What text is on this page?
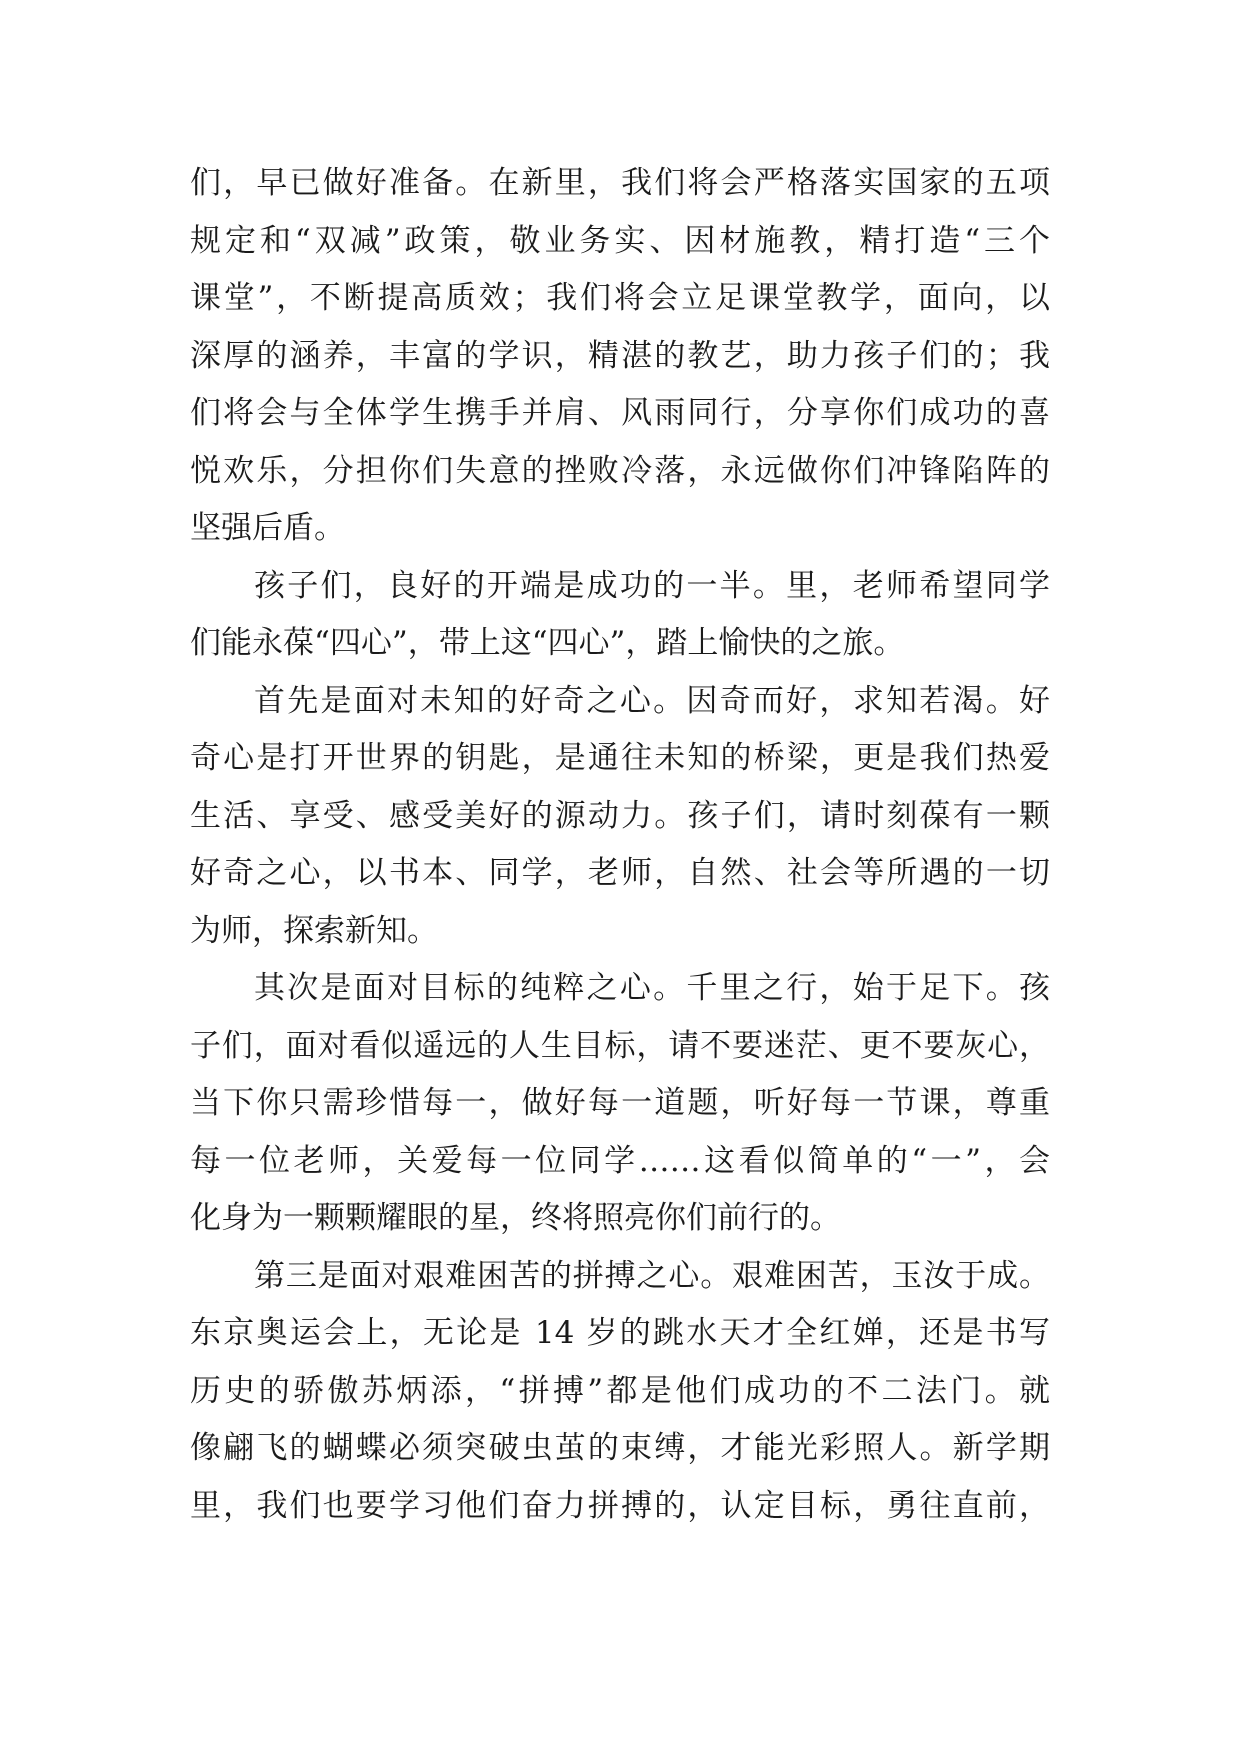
们，早已做好准备。在新里，我们将会严格落实国家的五项
规定和“双减”政策，敬业务实、因材施教，精打造“三个
课堂”，不断提高质效；我们将会立足课堂教学，面向，以
深厚的涵养，丰富的学识，精湛的教艺，助力孩子们的；我
们将会与全体学生携手并肩、风雨同行，分享你们成功的喜
悦欢乐，分担你们失意的挫败冷落，永远做你们冲锋陷阵的
坚强后盾。
孩子们，良好的开端是成功的一半。里，老师希望同学
们能永葆“四心”，带上这“四心”，踏上愉快的之旅。
首先是面对未知的好奇之心。因奇而好，求知若渴。好
奇心是打开世界的钥匙，是通往未知的桥梁，更是我们热爱
生活、享受、感受美好的源动力。孩子们，请时刻葆有一颗
好奇之心，以书本、同学，老师，自然、社会等所遇的一切
为师，探索新知。
其次是面对目标的纯粹之心。千里之行，始于足下。孩
子们，面对看似遥远的人生目标，请不要迷茫、更不要灰心，
当下你只需珍惜每一，做好每一道题，听好每一节课，尊重
每一位老师，关爱每一位同学……这看似简单的“一”，会
化身为一颗颗耀眼的星，终将照亮你们前行的。
第三是面对艰难困苦的拼搏之心。艰难困苦，玉汝于成。
东京奥运会上，无论是 14 岁的跳水天才全红婵，还是书写
历史的骄傲苏炳添，“拼搏”都是他们成功的不二法门。就
像翩飞的蝴蝶必须突破虫茧的束缚，才能光彩照人。新学期
里，我们也要学习他们奋力拼搏的，认定目标，勇往直前，
